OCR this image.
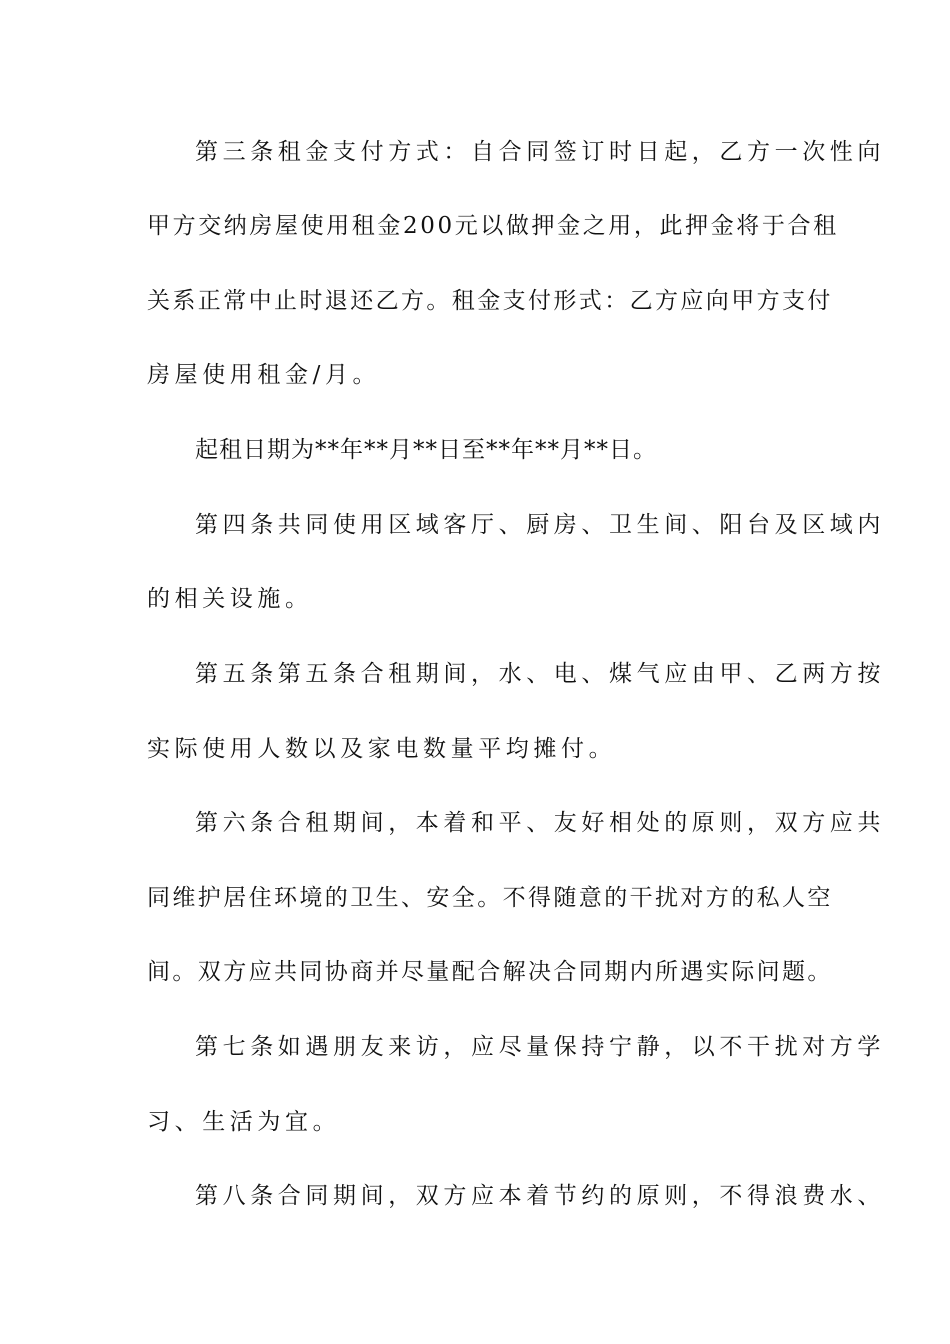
第三条租金支付方式：自合同签订时日起，乙方一次性向
甲方交纳房屋使用租金200元以做押金之用，此押金将于合租
关系正常中止时退还乙方。租金支付形式：乙方应向甲方支付
房屋使用租金/月。
起租日期为**年**月**日至**年**月**日。
第四条共同使用区域客厅、厨房、卫生间、阳台及区域内
的相关设施。
第五条第五条合租期间，水、电、煤气应由甲、乙两方按
实际使用人数以及家电数量平均摊付。
第六条合租期间，本着和平、友好相处的原则，双方应共
同维护居住环境的卫生、安全。不得随意的干扰对方的私人空
间。双方应共同协商并尽量配合解决合同期内所遇实际问题。
第七条如遇朋友来访，应尽量保持宁静，以不干扰对方学
习、生活为宜。
第八条合同期间，双方应本着节约的原则，不得浪费水、
